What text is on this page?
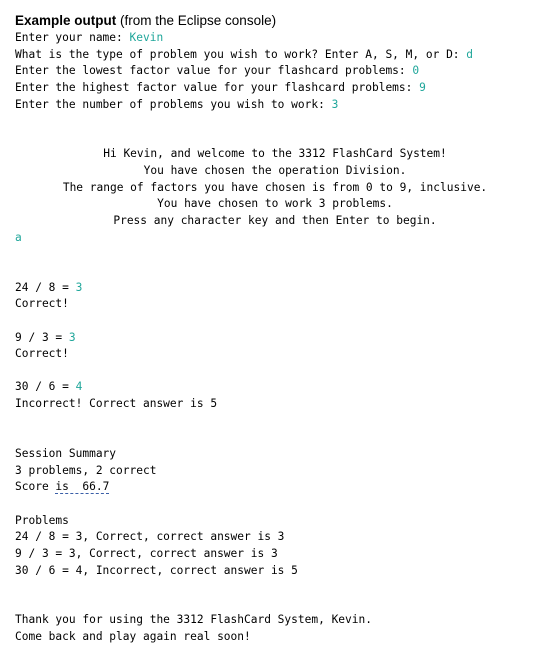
Example output (from the Eclipse console)
Enter your name: Kevin
What is the type of problem you wish to work? Enter A, S, M, or D: d
Enter the lowest factor value for your flashcard problems: 0
Enter the highest factor value for your flashcard problems: 9
Enter the number of problems you wish to work: 3
Hi Kevin, and welcome to the 3312 FlashCard System!
You have chosen the operation Division.
The range of factors you have chosen is from 0 to 9, inclusive.
You have chosen to work 3 problems.
Press any character key and then Enter to begin.
a
24 / 8 = 3
Correct!
9 / 3 = 3
Correct!
30 / 6 = 4
Incorrect! Correct answer is 5
Session Summary
3 problems, 2 correct
Score is  66.7
Problems
24 / 8 = 3, Correct, correct answer is 3
9 / 3 = 3, Correct, correct answer is 3
30 / 6 = 4, Incorrect, correct answer is 5
Thank you for using the 3312 FlashCard System, Kevin.
Come back and play again real soon!
